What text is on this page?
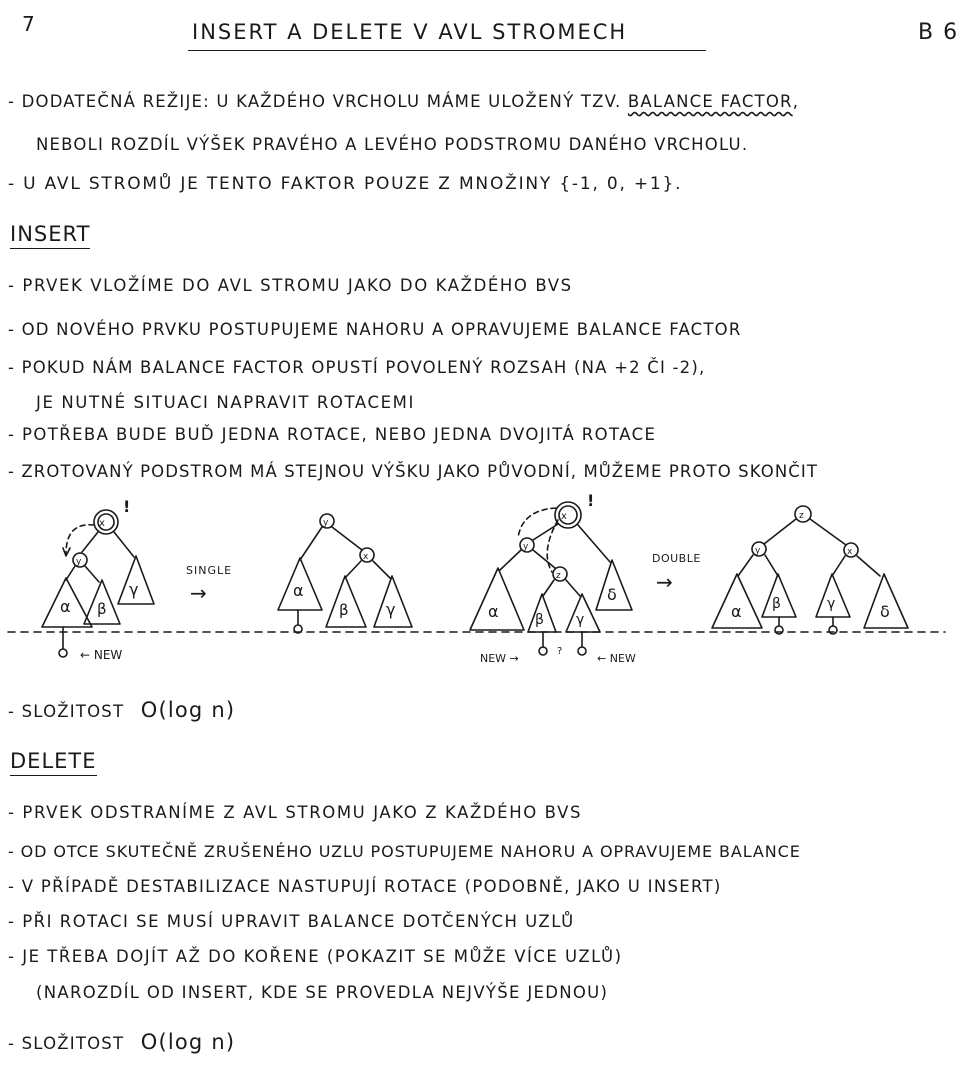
7	INSERT A DELETE V AVL STROMECH	B 6
- DODATEČNÁ REŽIJE: U KAŽDÉHO VRCHOLU MÁME ULOŽENÝ TZV. BALANCE FACTOR,
NEBOLI ROZDÍL VÝŠEK PRAVÉHO A LEVÉHO PODSTROMU DANÉHO VRCHOLU.
- U AVL STROMŮ JE TENTO FAKTOR POUZE Z MNOŽINY {-1, 0, +1}.
INSERT
- PRVEK VLOŽÍME DO AVL STROMU JAKO DO KAŽDÉHO BVS
- OD NOVÉHO PRVKU POSTUPUJEME NAHORU A OPRAVUJEME BALANCE FACTOR
- POKUD NÁM BALANCE FACTOR OPUSTÍ POVOLENÝ ROZSAH (NA +2 ČI -2),
JE NUTNÉ SITUACI NAPRAVIT ROTACEMI
- POTŘEBA BUDE BUĎ JEDNA ROTACE, NEBO JEDNA DVOJITÁ ROTACE
- ZROTOVANÝ PODSTROM MÁ STEJNOU VÝŠKU JAKO PŮVODNÍ, MŮŽEME PROTO SKONČIT
x
!
y
α β
γ
← NEW
SINGLE
→
y
x
α
β γ
x
!
y
z
α	β γ
δ
?
NEW →	← NEW
DOUBLE
→
z
y	x
α β	γ	δ
- SLOŽITOST O(log n)
DELETE
- PRVEK ODSTRANÍME Z AVL STROMU JAKO Z KAŽDÉHO BVS
- OD OTCE SKUTEČNĚ ZRUŠENÉHO UZLU POSTUPUJEME NAHORU A OPRAVUJEME BALANCE
- V PŘÍPADĚ DESTABILIZACE NASTUPUJÍ ROTACE (PODOBNĚ, JAKO U INSERT)
- PŘI ROTACI SE MUSÍ UPRAVIT BALANCE DOTČENÝCH UZLŮ
- JE TŘEBA DOJÍT AŽ DO KOŘENE (POKAZIT SE MŮŽE VÍCE UZLŮ)
(NAROZDÍL OD INSERT, KDE SE PROVEDLA NEJVÝŠE JEDNOU)
- SLOŽITOST O(log n)
